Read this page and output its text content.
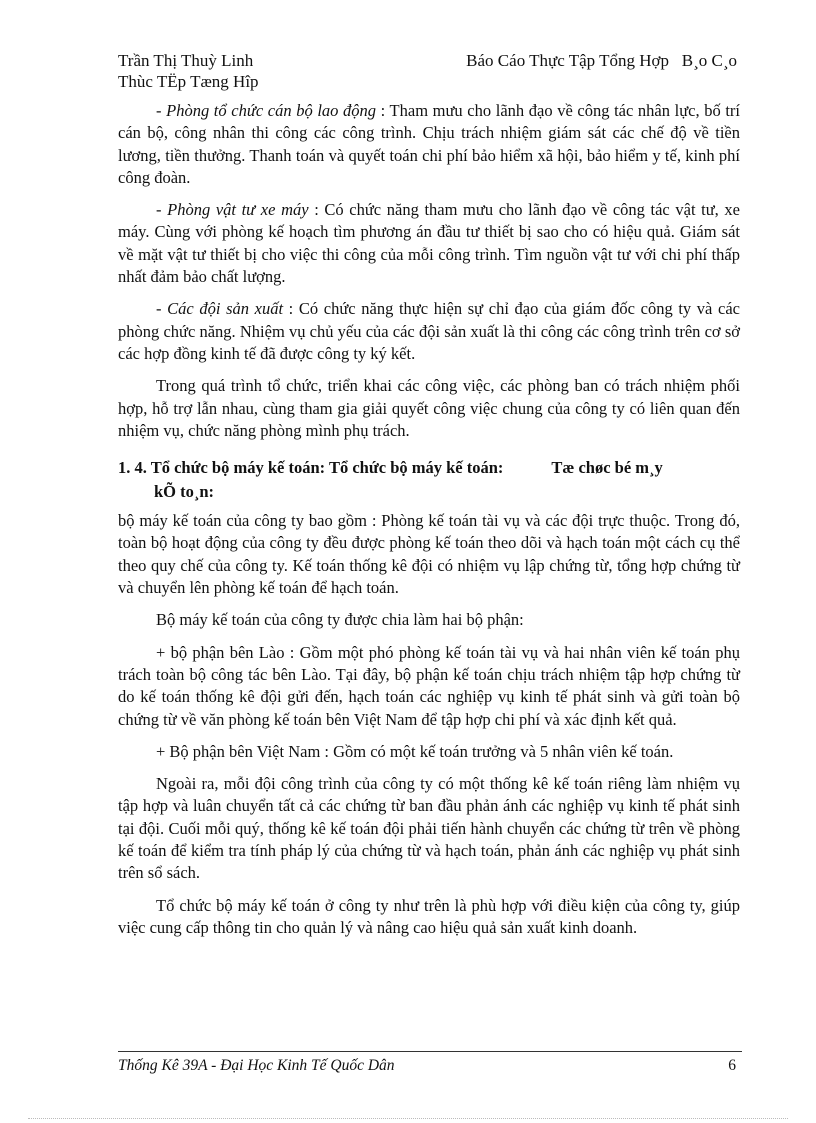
Trần Thị Thuỳ Linh	Báo Cáo Thực Tập Tổng Hợp B¸o C¸o
Thùc TËp Tæng Hîp

- Phòng tổ chức cán bộ lao động : Tham mưu cho lãnh đạo về công tác nhân lực, bố trí cán bộ, công nhân thi công các công trình. Chịu trách nhiệm giám sát các chế độ về tiền lương, tiền thưởng. Thanh toán và quyết toán chi phí bảo hiểm xã hội, bảo hiểm y tế, kinh phí công đoàn.

- Phòng vật tư xe máy : Có chức năng tham mưu cho lãnh đạo về công tác vật tư, xe máy. Cùng với phòng kế hoạch tìm phương án đầu tư thiết bị sao cho có hiệu quả. Giám sát về mặt vật tư thiết bị cho việc thi công của mỗi công trình. Tìm nguồn vật tư với chi phí thấp nhất đảm bảo chất lượng.

- Các đội sản xuất : Có chức năng thực hiện sự chỉ đạo của giám đốc công ty và các phòng chức năng. Nhiệm vụ chủ yếu của các đội sản xuất là thi công các công trình trên cơ sở các hợp đồng kinh tế đã được công ty ký kết.

Trong quá trình tổ chức, triển khai các công việc, các phòng ban có trách nhiệm phối hợp, hỗ trợ lẫn nhau, cùng tham gia giải quyết công việc chung của công ty có liên quan đến nhiệm vụ, chức năng phòng mình phụ trách.

1. 4. Tổ chức bộ máy kế toán: Tổ chức bộ máy kế toán:	Tæ chøc bé m¸y
kÕ to¸n:

bộ máy kế toán của công ty bao gồm : Phòng kế toán tài vụ và các đội trực thuộc. Trong đó, toàn bộ hoạt động của công ty đều được phòng kế toán theo dõi và hạch toán một cách cụ thể theo quy chế của công ty. Kế toán thống kê đội có nhiệm vụ lập chứng từ, tổng hợp chứng từ và chuyển lên phòng kế toán để hạch toán.

Bộ máy kế toán của công ty được chia làm hai bộ phận:

+ bộ phận bên Lào : Gồm một phó phòng kế toán tài vụ và hai nhân viên kế toán phụ trách toàn bộ công tác bên Lào. Tại đây, bộ phận kế toán chịu trách nhiệm tập hợp chứng từ do kế toán thống kê đội gửi đến, hạch toán các nghiệp vụ kinh tế phát sinh và gửi toàn bộ chứng từ về văn phòng kế toán bên Việt Nam để tập hợp chi phí và xác định kết quả.

+ Bộ phận bên Việt Nam : Gồm có một kế toán trưởng và 5 nhân viên kế toán.

Ngoài ra, mỗi đội công trình của công ty có một thống kê kế toán riêng làm nhiệm vụ tập hợp và luân chuyển tất cả các chứng từ ban đầu phản ánh các nghiệp vụ kinh tế phát sinh tại đội. Cuối mỗi quý, thống kê kế toán đội phải tiến hành chuyển các chứng từ trên về phòng kế toán để kiểm tra tính pháp lý của chứng từ và hạch toán, phản ánh các nghiệp vụ phát sinh trên sổ sách.

Tổ chức bộ máy kế toán ở công ty như trên là phù hợp với điều kiện của công ty, giúp việc cung cấp thông tin cho quản lý và nâng cao hiệu quả sản xuất kinh doanh.

Thống Kê 39A - Đại Học Kinh Tế Quốc Dân	6
